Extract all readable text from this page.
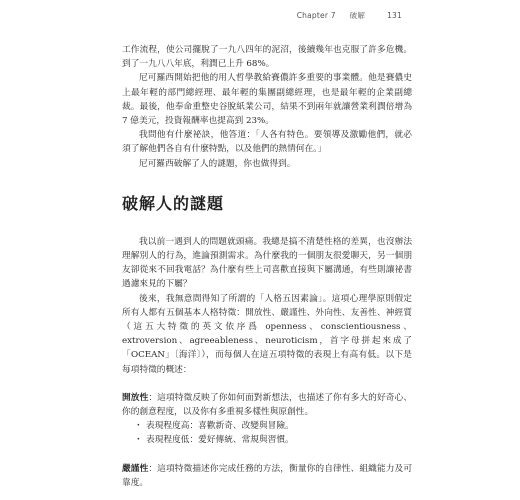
Chapter 7 破解	131

工作流程，使公司擺脫了一九八四年的泥沼，後續幾年也克服了許多危機。到了一九八八年底，利潤已上升 68%。

尼可羅西開始把他的用人哲學教給賽儂許多重要的事業體。他是賽儂史上最年輕的部門總經理、最年輕的集團副總經理，也是最年輕的企業副總裁。最後，他奉命重整史谷脫紙業公司，結果不到兩年就讓營業利潤倍增為 7 億美元，投資報酬率也提高到 23%。

我問他有什麼祕訣，他答道：「人各有特色。要領導及激勵他們，就必須了解他們各自有什麼特點，以及他們的熱情何在。」

尼可羅西破解了人的謎題，你也做得到。

破解人的謎題

我以前一遇到人的問題就頭痛。我總是搞不清楚性格的差異，也沒辦法理解別人的行為，進論預測需求。為什麼我的一個朋友很愛聊天，另一個朋友卻從來不回我電話？為什麼有些上司喜歡直接與下屬溝通，有些則讓祕書過濾來見的下屬？

後來，我無意間得知了所謂的「人格五因素論」。這項心理學原則假定所有人都有五個基本人格特徵：開放性、嚴謹性、外向性、友善性、神經質（這五大特徵的英文依序爲 openness、conscientiousness、extroversion、agreeableness、neuroticism，首字母拼起來成了「OCEAN」〔海洋〕），而每個人在這五項特徵的表現上有高有低。以下是每項特徵的概述：

開放性：這項特徵反映了你如何面對新想法，也描述了你有多大的好奇心、你的創意程度，以及你有多重視多樣性與原創性。

・ 表現程度高：喜歡新奇、改變與冒險。
・ 表現程度低：愛好傳統、常規與習慣。

嚴謹性：這項特徵描述你完成任務的方法，衡量你的自律性、組織能力及可靠度。
